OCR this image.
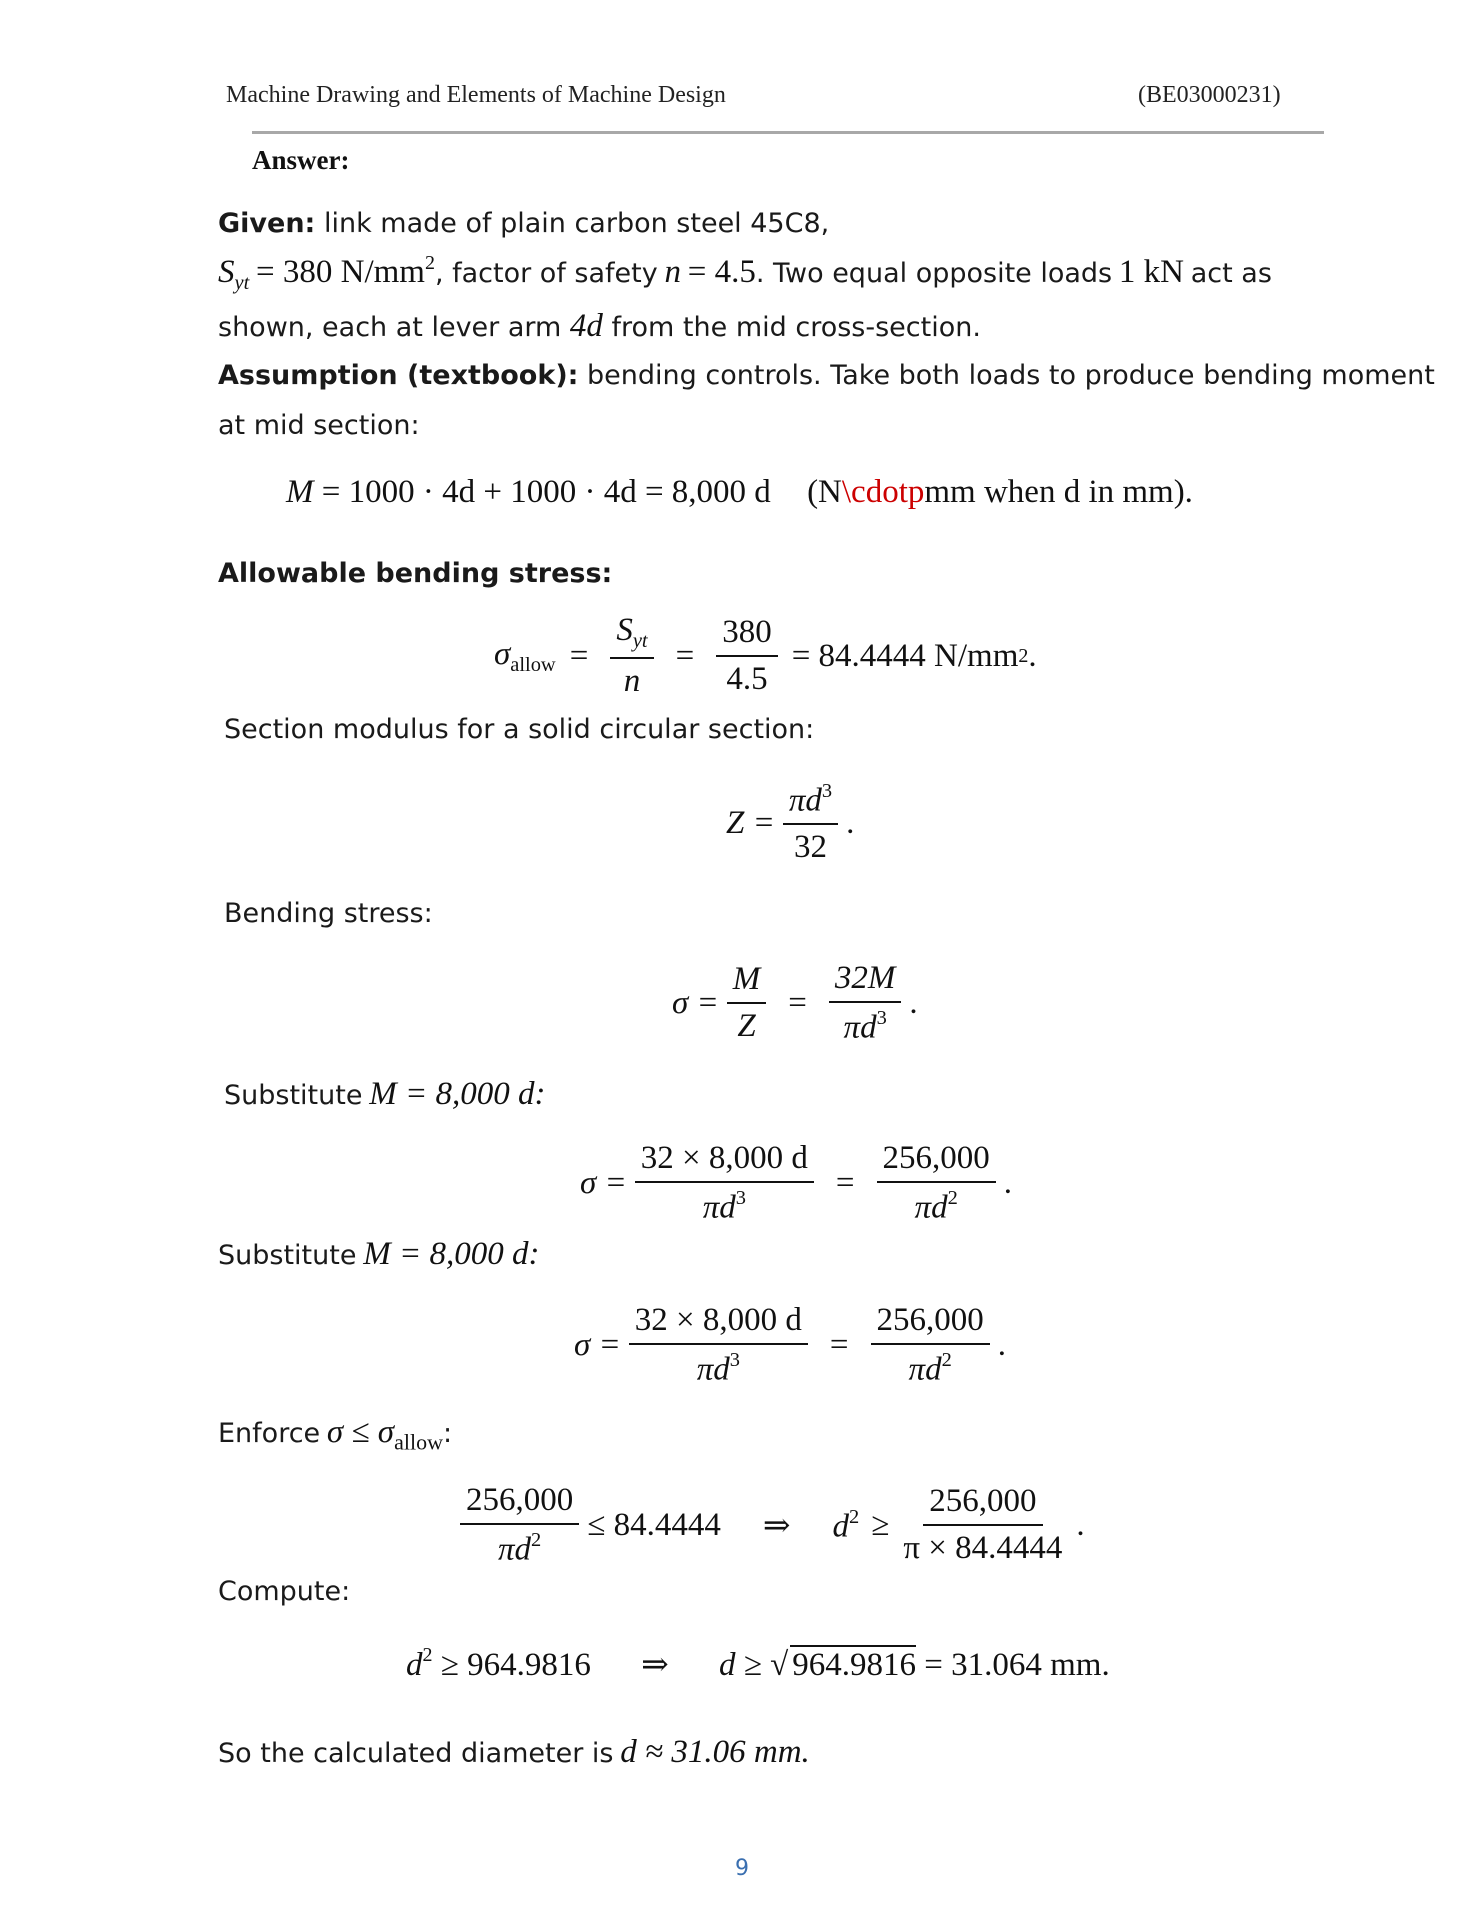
Machine Drawing and Elements of Machine Design	(BE03000231)
Answer:
Given: link made of plain carbon steel 45C8,
$S_{yt} = 380$ $N/mm^2$, factor of safety n = 4.5. Two equal opposite loads 1 kN act as
shown, each at lever arm 4d from the mid cross-section.
Assumption (textbook): bending controls. Take both loads to produce bending moment
at mid section:
M = 1000 · 4d + 1000 · 4d = 8,000 d (N\cdotpmm when d in mm).
Allowable bending stress:
$\sigma_{allow} = \frac{S_{yt}}{n} = \frac{380}{4.5} = 84.4444$ N/mm 2 .
Section modulus for a solid circular section:
$Z = \frac{\pi d^3}{32}$ .
Bending stress:
$\sigma = \frac{M}{Z} = \frac{32M}{\pi d^3}$ .
Substitute M = 8,000 d:
$\sigma = \frac{32 \times 8,000 d}{\pi d^3} = \frac{256,000}{\pi d^2}$ .
Substitute M = 8,000 d:
$\sigma = \frac{32 \times 8,000 d}{\pi d^3} = \frac{256,000}{\pi d^2}$ .
Enforce $\sigma \le \sigma_{allow}$:
$\frac{256,000}{\pi d^2} \le 84.4444$ ⇒ $d^2 \ge \frac{256,000}{\pi \times 84.4444}$ .
Compute:
$d^2 \ge 964.9816$ ⇒ d ≥ √ 964.9816 = 31.064 mm.
So the calculated diameter is d ≈ 31.06 mm.
9
